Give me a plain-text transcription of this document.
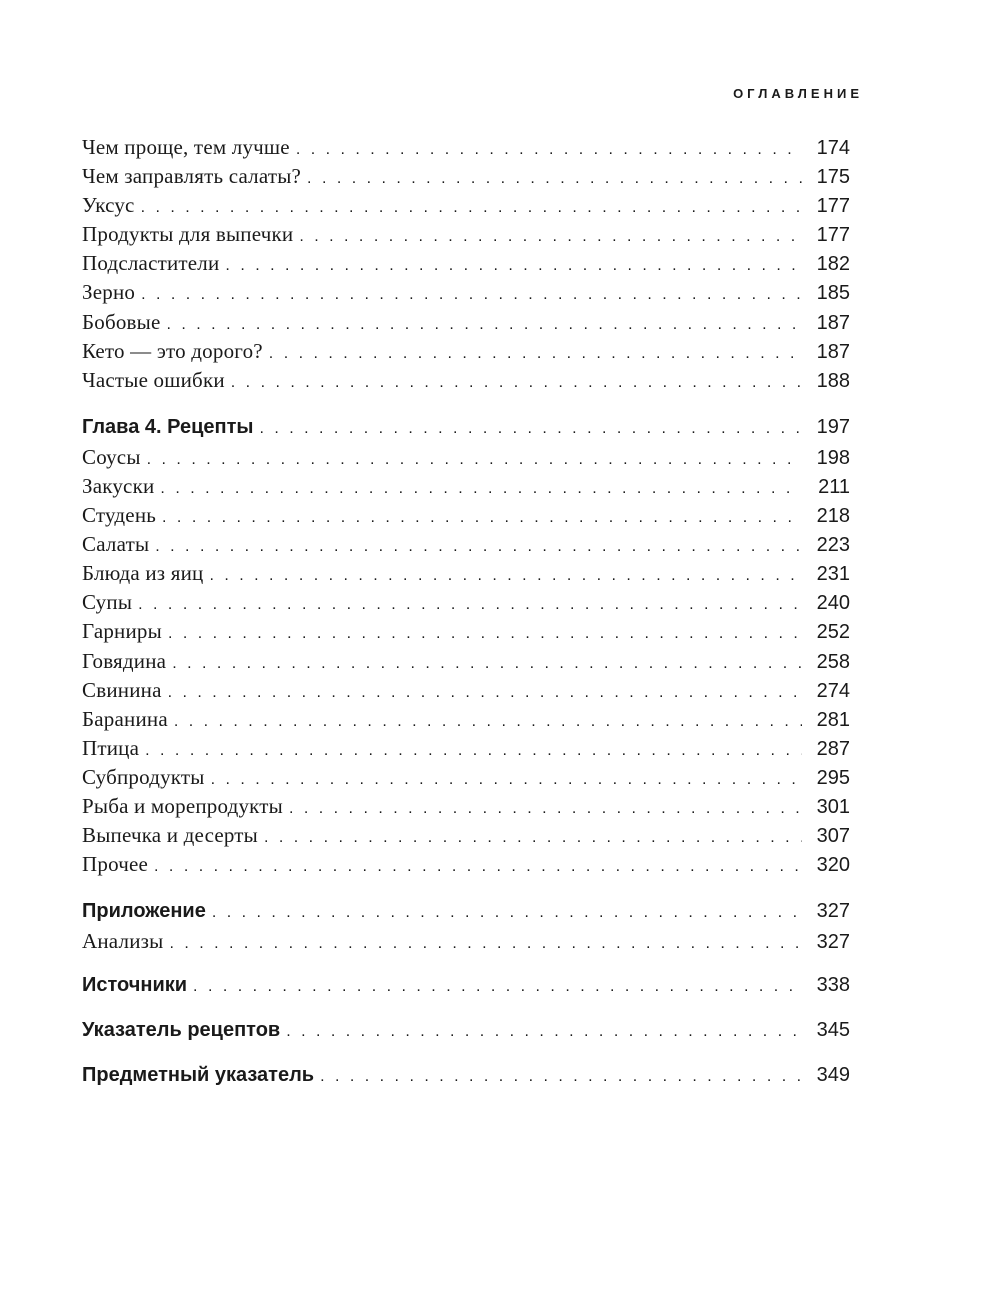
ОГЛАВЛЕНИЕ
Чем проще, тем лучше . . .	174
Чем заправлять салаты? . . .	175
Уксус . . .	177
Продукты для выпечки . . .	177
Подсластители . . .	182
Зерно . . .	185
Бобовые . . .	187
Кето — это дорого? . . .	187
Частые ошибки . . .	188
Глава 4. Рецепты . . .	197
Соусы . . .	198
Закуски . . .	211
Студень . . .	218
Салаты . . .	223
Блюда из яиц . . .	231
Супы . . .	240
Гарниры . . .	252
Говядина . . .	258
Свинина . . .	274
Баранина . . .	281
Птица . . .	287
Субпродукты . . .	295
Рыба и морепродукты . . .	301
Выпечка и десерты . . .	307
Прочее . . .	320
Приложение . . .	327
Анализы . . .	327
Источники . . .	338
Указатель рецептов . . .	345
Предметный указатель . . .	349
